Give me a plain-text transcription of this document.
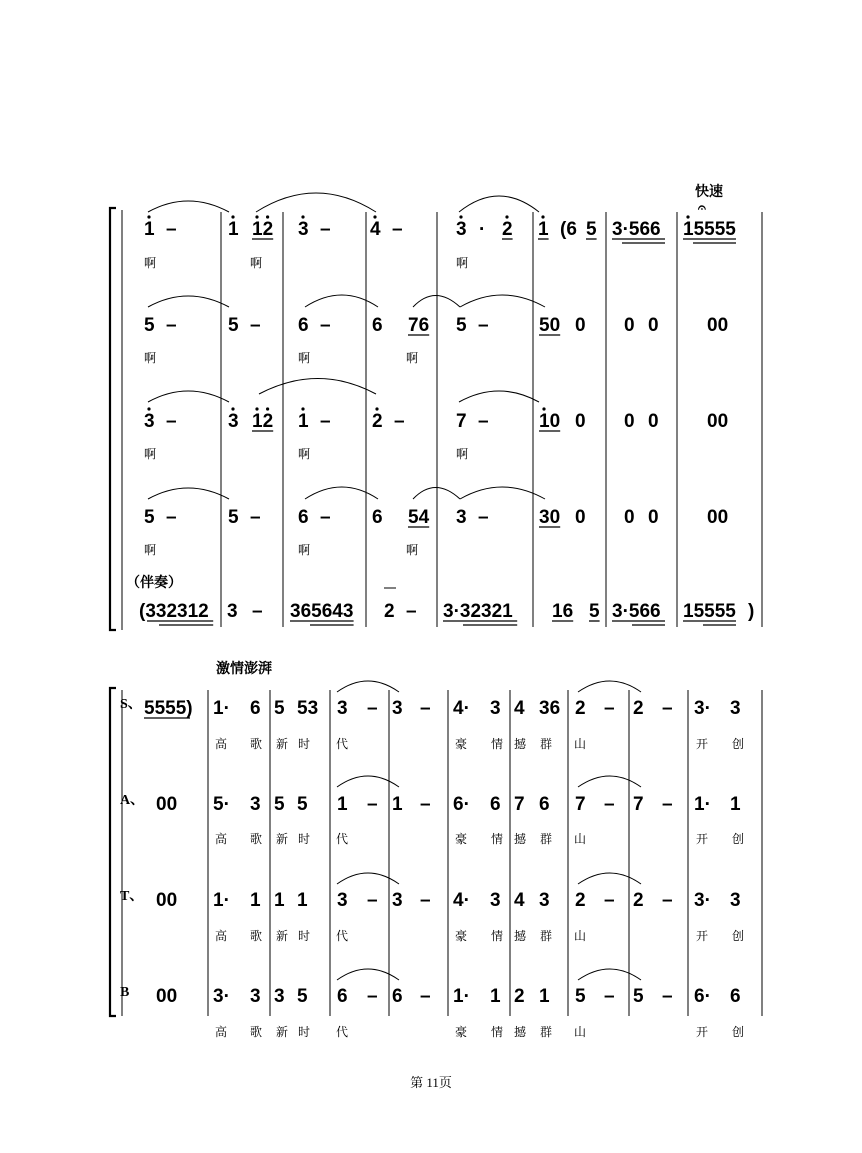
快速
𝄐
（伴奏）
激情澎湃
1 –	1 12 3 – 4 –	3 · 2 1 (6 5 3·566 15555
啊	啊	啊
5 –	5 – 6 – 6 76 5 –	50 0 0 0	00
啊	啊	啊
3 –	3 12 1 – 2 –	7 –	10 0 0 0	00
啊	啊	啊
5 –	5 – 6 – 6 54 3 –	30 0 0 0	00
啊	啊	啊
(332312 3 – 365643 2 – 3·32321 16 5 3·566 15555 )
S、 5555) 1· 6 5 53 3 – 3 – 4· 3 4 36 2 – 2 – 3· 3
高 歌 新 时 代	豪 情 撼 群 山	开 创
A、 00 5· 3 5 5 1 – 1 – 6· 6 7 6 7 – 7 – 1· 1
高 歌 新 时 代	豪 情 撼 群 山	开 创
T、 00 1· 1 1 1 3 – 3 – 4· 3 4 3 2 – 2 – 3· 3
高 歌 新 时 代	豪 情 撼 群 山	开 创
B 00 3· 3 3 5 6 – 6 – 1· 1 2 1 5 – 5 – 6· 6
高 歌 新 时 代	豪 情 撼 群 山	开 创
第 11页
